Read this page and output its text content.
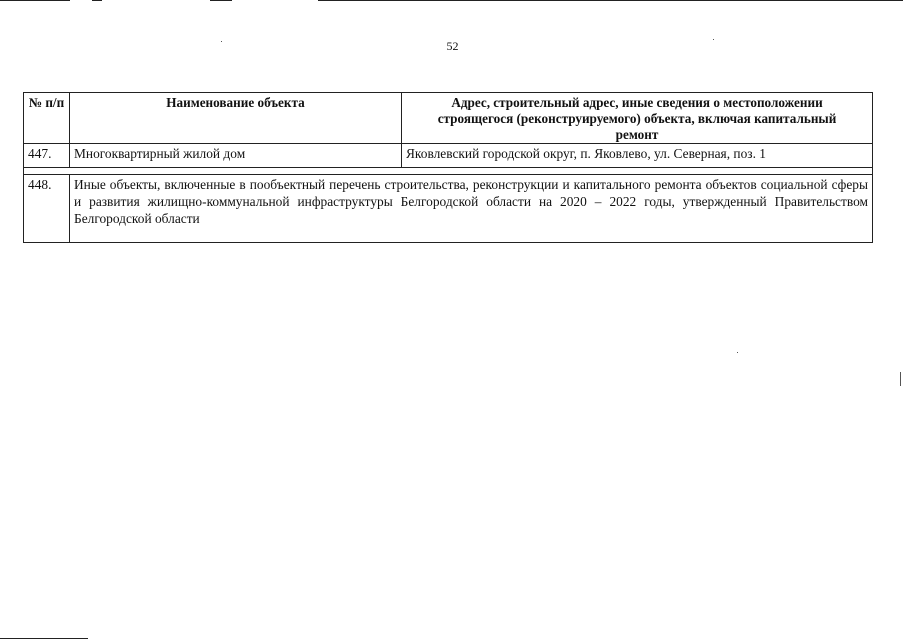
52
№ п/п	Наименование объекта	Адрес, строительный адрес, иные сведения о местоположении строящегося (реконструируемого) объекта, включая капитальный ремонт
447.	Многоквартирный жилой дом	Яковлевский городской округ, п. Яковлево, ул. Северная, поз. 1

448.	Иные объекты, включенные в пообъектный перечень строительства, реконструкции и капитального ремонта объектов социальной сферы и развития жилищно-коммунальной инфраструктуры Белгородской области на 2020 – 2022 годы, утвержденный Правительством Белгородской области	
